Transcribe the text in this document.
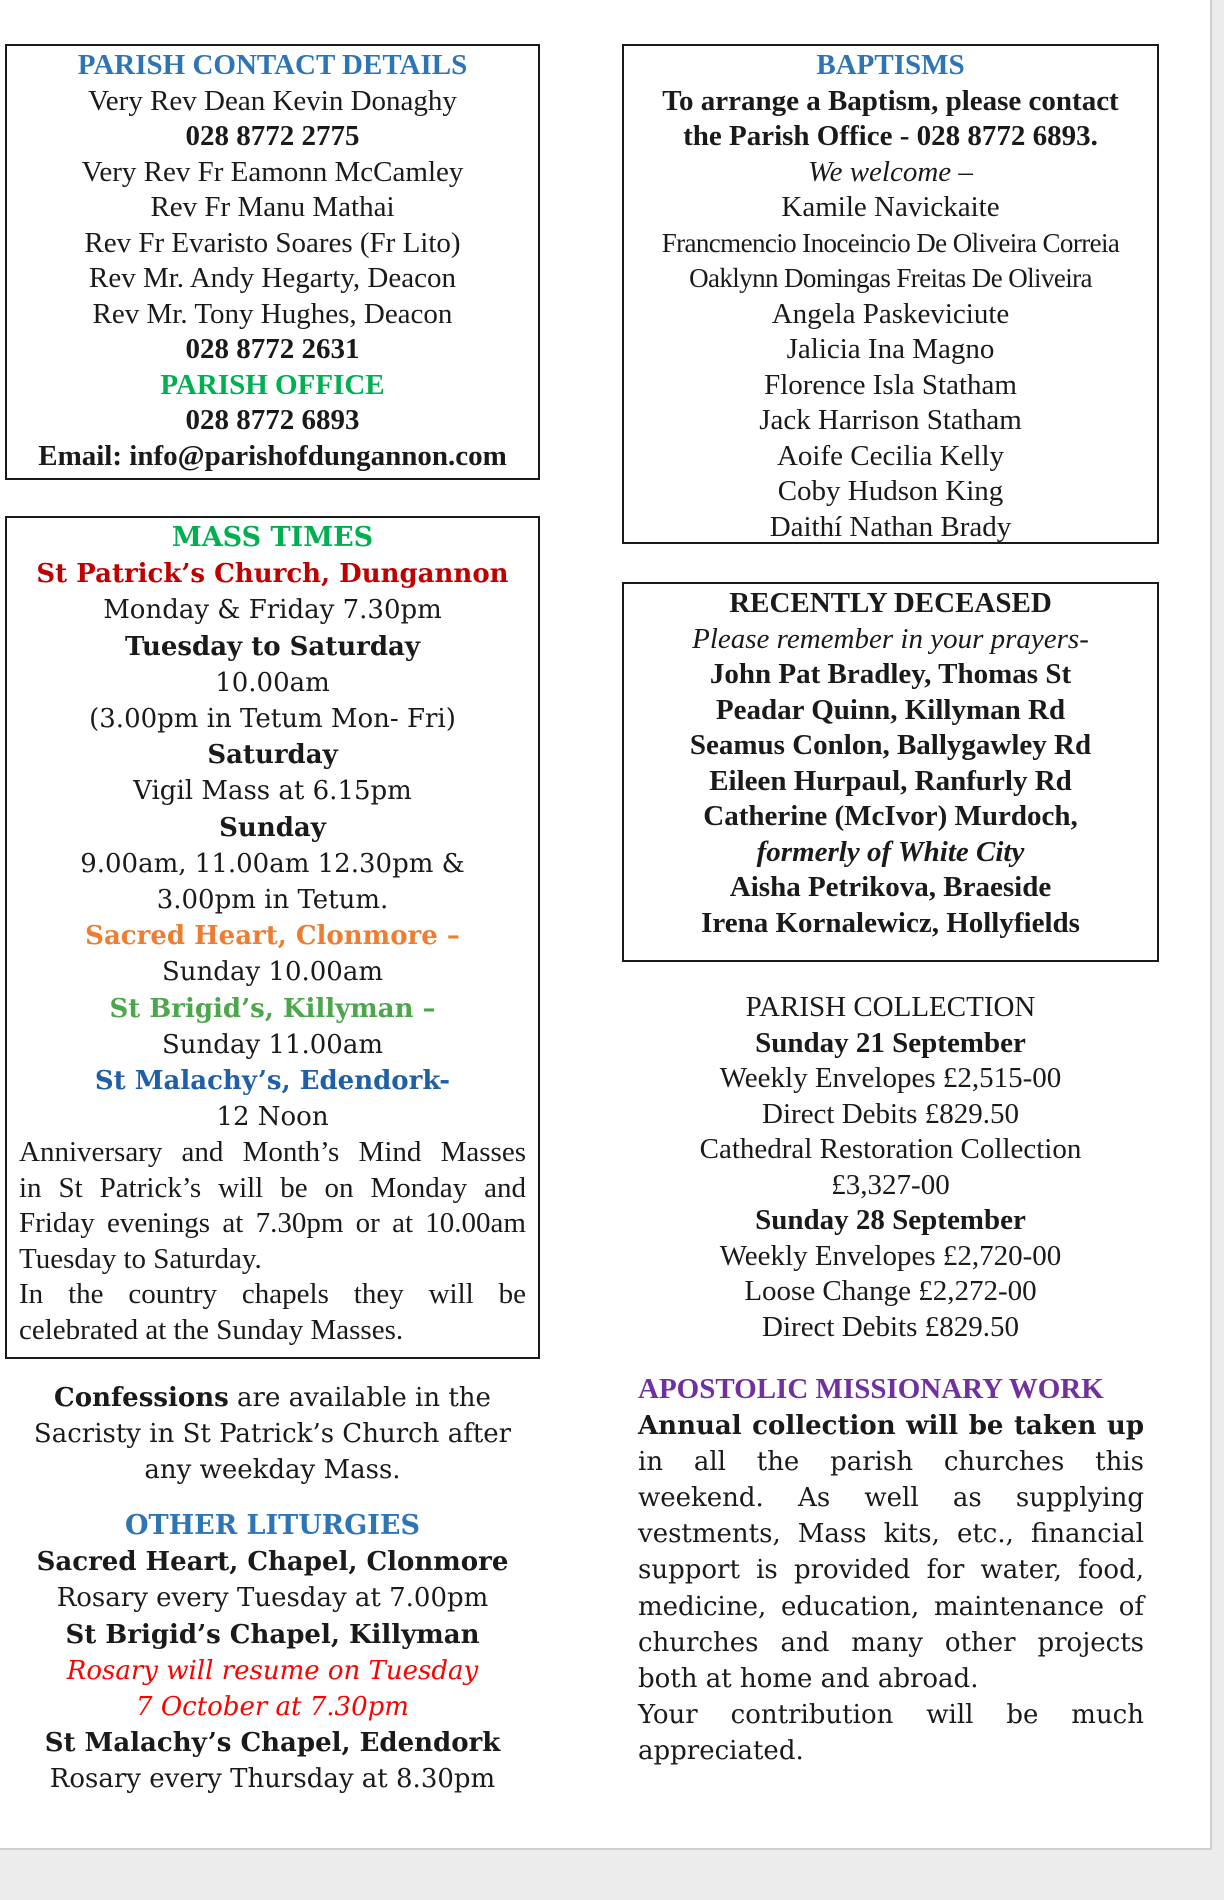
PARISH CONTACT DETAILS
Very Rev Dean Kevin Donaghy
028 8772 2775
Very Rev Fr Eamonn McCamley
Rev Fr Manu Mathai
Rev Fr Evaristo Soares (Fr Lito)
Rev Mr. Andy Hegarty, Deacon
Rev Mr. Tony Hughes, Deacon
028 8772 2631
PARISH OFFICE
028 8772 6893
Email: info@parishofdungannon.com
MASS TIMES
St Patrick’s Church, Dungannon
Monday & Friday 7.30pm
Tuesday to Saturday
10.00am
(3.00pm in Tetum Mon- Fri)
Saturday
Vigil Mass at 6.15pm
Sunday
9.00am, 11.00am 12.30pm &
3.00pm in Tetum.
Sacred Heart, Clonmore –
Sunday 10.00am
St Brigid’s, Killyman –
Sunday 11.00am
St Malachy’s, Edendork-
12 Noon
Anniversary and Month’s Mind Masses
in St Patrick’s will be on Monday and
Friday evenings at 7.30pm or at 10.00am
Tuesday to Saturday.
In the country chapels they will be
celebrated at the Sunday Masses.
Confessions are available in the
Sacristy in St Patrick’s Church after
any weekday Mass.
OTHER LITURGIES
Sacred Heart, Chapel, Clonmore
Rosary every Tuesday at 7.00pm
St Brigid’s Chapel, Killyman
Rosary will resume on Tuesday
7 October at 7.30pm
St Malachy’s Chapel, Edendork
Rosary every Thursday at 8.30pm
BAPTISMS
To arrange a Baptism, please contact
the Parish Office - 028 8772 6893.
We welcome –
Kamile Navickaite
Francmencio Inoceincio De Oliveira Correia
Oaklynn Domingas Freitas De Oliveira
Angela Paskeviciute
Jalicia Ina Magno
Florence Isla Statham
Jack Harrison Statham
Aoife Cecilia Kelly
Coby Hudson King
Daithí Nathan Brady
RECENTLY DECEASED
Please remember in your prayers-
John Pat Bradley, Thomas St
Peadar Quinn, Killyman Rd
Seamus Conlon, Ballygawley Rd
Eileen Hurpaul, Ranfurly Rd
Catherine (McIvor) Murdoch,
formerly of White City
Aisha Petrikova, Braeside
Irena Kornalewicz, Hollyfields
PARISH COLLECTION
Sunday 21 September
Weekly Envelopes £2,515-00
Direct Debits £829.50
Cathedral Restoration Collection
£3,327-00
Sunday 28 September
Weekly Envelopes £2,720-00
Loose Change £2,272-00
Direct Debits £829.50
APOSTOLIC MISSIONARY WORK
Annual collection will be taken up
in all the parish churches this
weekend. As well as supplying
vestments, Mass kits, etc., financial
support is provided for water, food,
medicine, education, maintenance of
churches and many other projects
both at home and abroad.
Your contribution will be much
appreciated.
